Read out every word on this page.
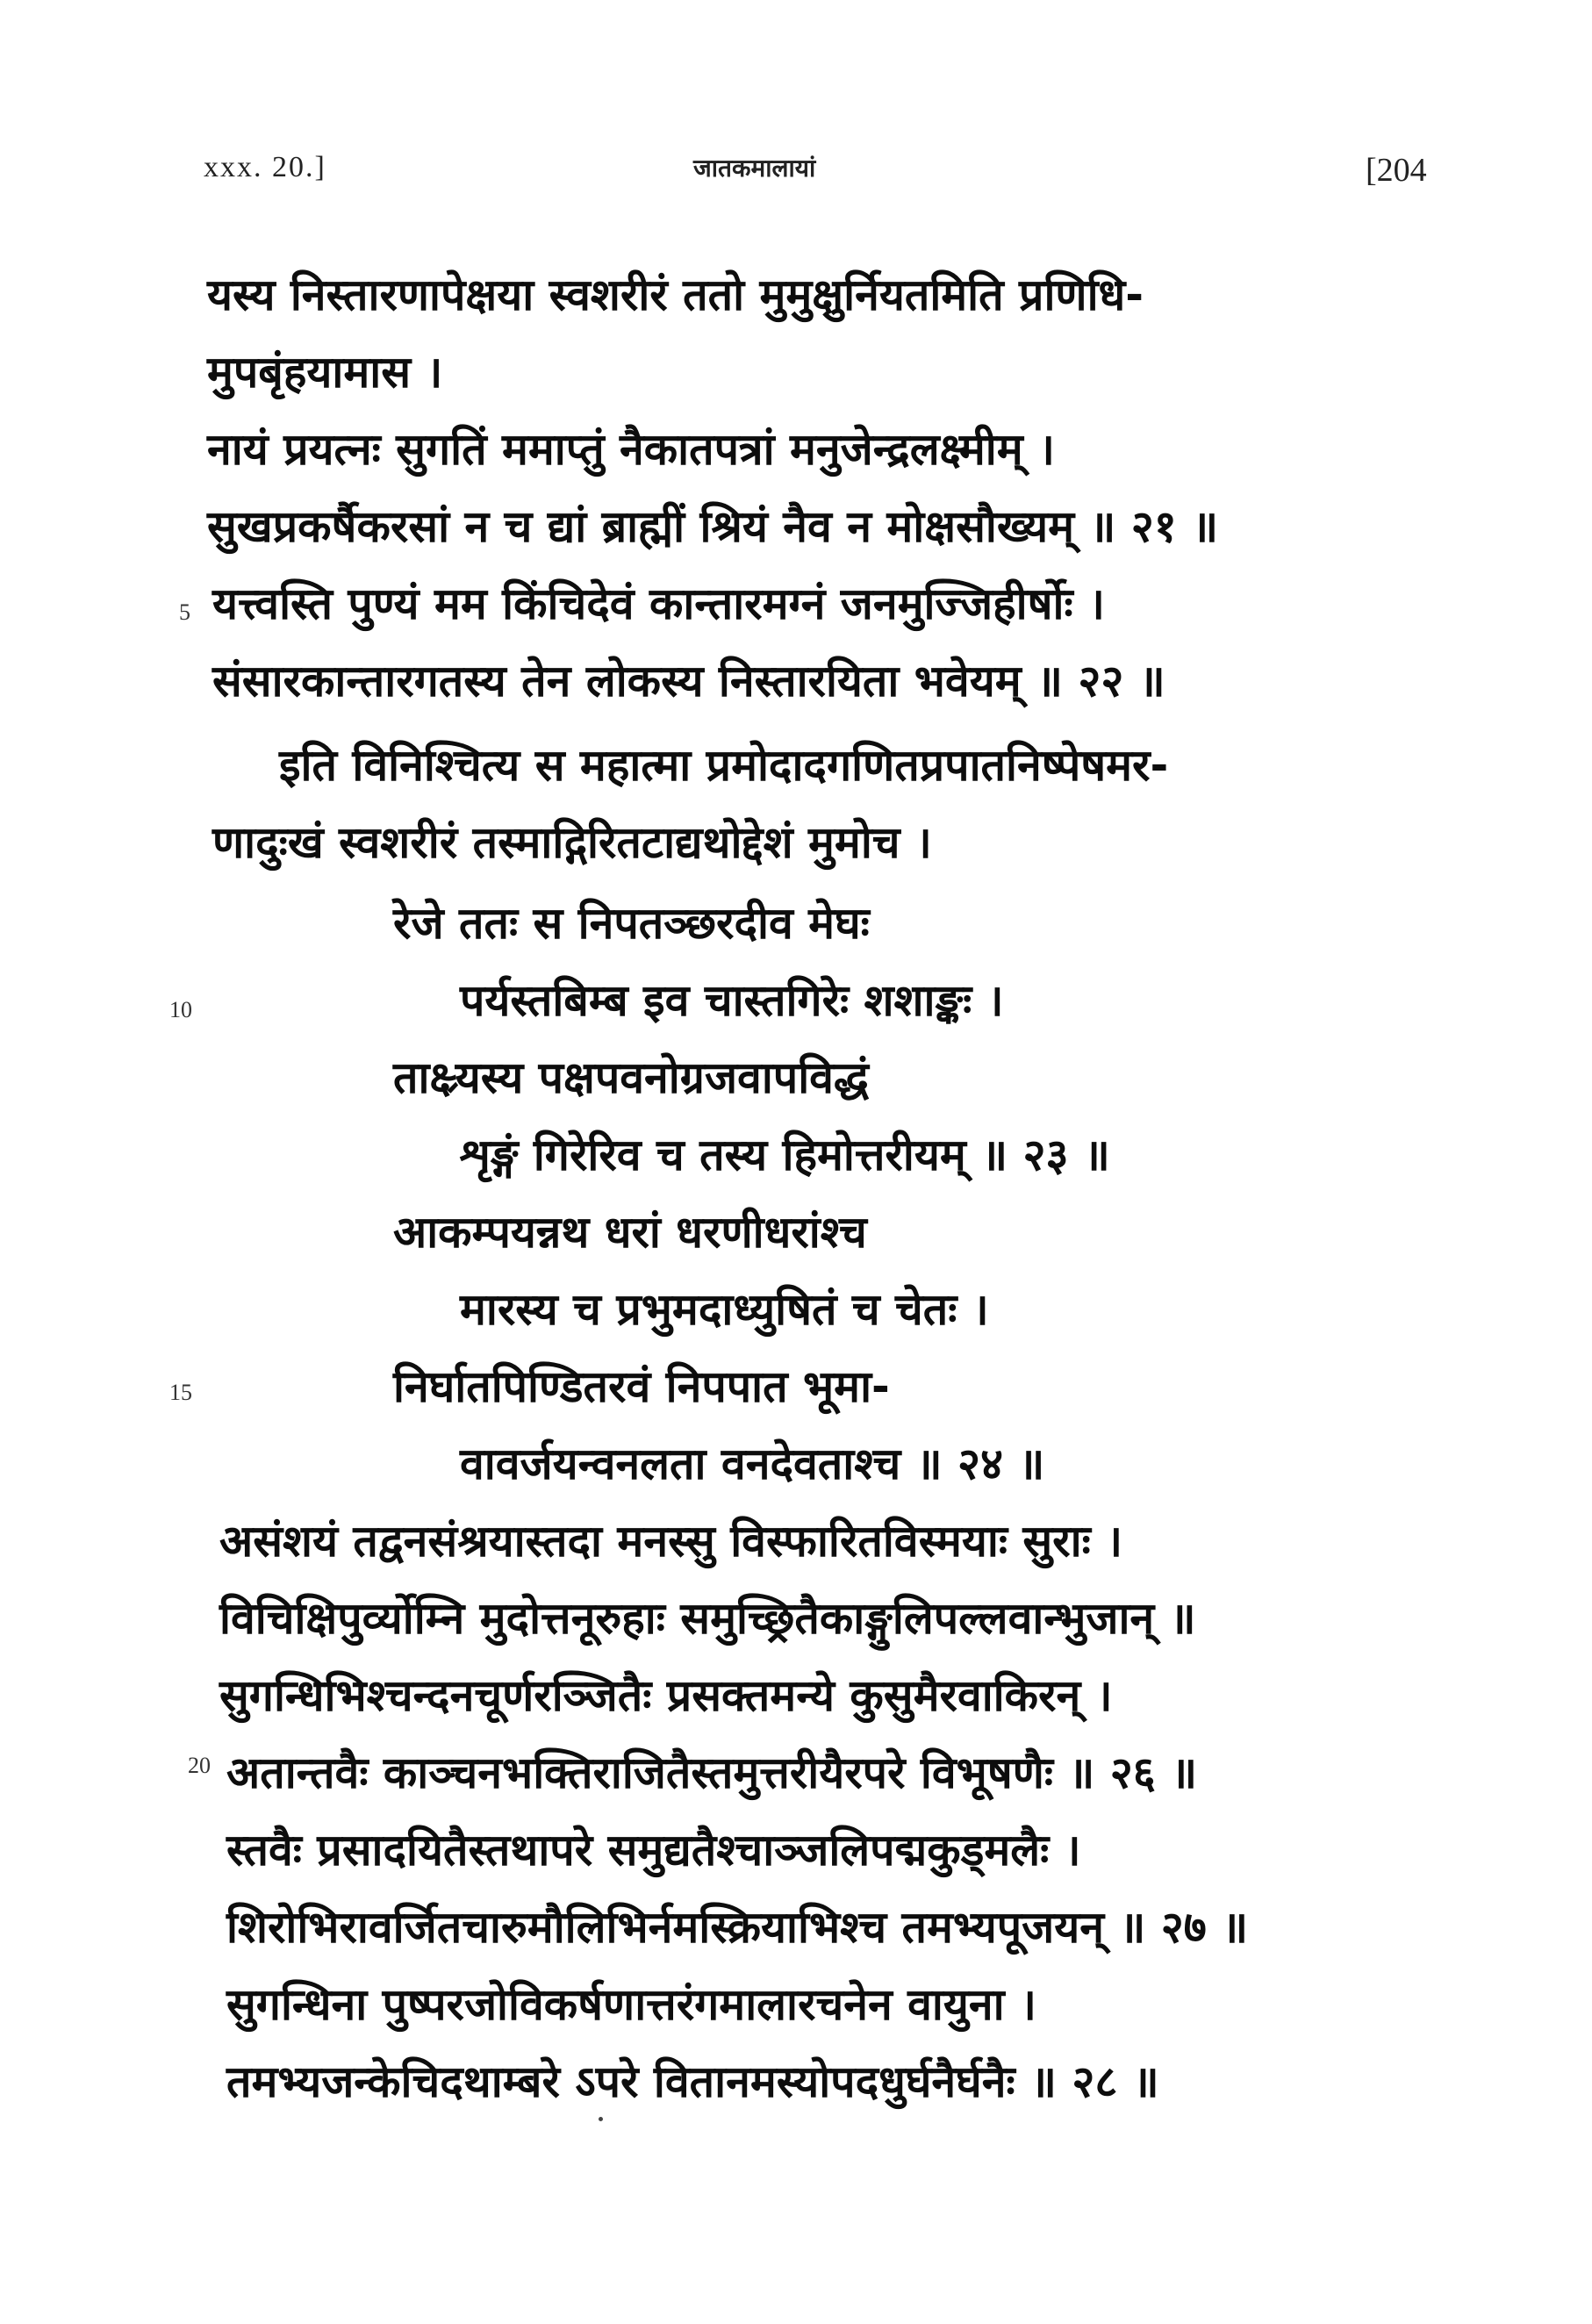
xxx. 20.]	जातकमालायां	[204
5
10
15
20
यस्य निस्तारणापेक्षया स्वशरीरं ततो मुमुक्षुर्नियतमिति प्रणिधि-
मुपबृंहयामास ।
नायं प्रयत्नः सुगतिं ममाप्तुं नैकातपत्रां मनुजेन्द्रलक्ष्मीम् ।
सुखप्रकर्षैकरसां न च द्यां ब्राह्मीं श्रियं नैव न मोक्षसौख्यम् ॥ २१ ॥
यत्त्वस्ति पुण्यं मम किंचिदेवं कान्तारमग्नं जनमुज्जिहीर्षोः ।
संसारकान्तारगतस्य तेन लोकस्य निस्तारयिता भवेयम् ॥ २२ ॥
इति विनिश्चित्य स महात्मा प्रमोदादगणितप्रपातनिष्पेषमर-
णादुःखं स्वशरीरं तस्माद्गिरितटाद्यथोद्देशं मुमोच ।
रेजे ततः स निपतञ्छरदीव मेघः
पर्यस्तबिम्ब इव चास्तगिरेः शशाङ्कः ।
ताक्ष्र्यस्य पक्षपवनोग्रजवापविद्धं
शृङ्गं गिरेरिव च तस्य हिमोत्तरीयम् ॥ २३ ॥
आकम्पयन्नथ धरां धरणीधरांश्च
मारस्य च प्रभुमदाध्युषितं च चेतः ।
निर्घातपिण्डितरवं निपपात भूमा-
वावर्जयन्वनलता वनदेवताश्च ॥ २४ ॥
असंशयं तद्वनसंश्रयास्तदा मनस्सु विस्फारितविस्मयाः सुराः ।
विचिक्षिपुर्व्योम्नि मुदोत्तनूरुहाः समुच्छ्रितैकाङ्गुलिपल्लवान्भुजान् ॥
सुगन्धिभिश्चन्दनचूर्णरञ्जितैः प्रसक्तमन्ये कुसुमैरवाकिरन् ।
अतान्तवैः काञ्चनभक्तिराजितैस्तमुत्तरीयैरपरे विभूषणैः ॥ २६ ॥
स्तवैः प्रसादयितैस्तथापरे समुद्यतैश्चाञ्जलिपद्मकुड्मलैः ।
शिरोभिरावर्जितचारुमौलिभिर्नमस्क्रियाभिश्च तमभ्यपूजयन् ॥ २७ ॥
सुगन्धिना पुष्परजोविकर्षणात्तरंगमालारचनेन वायुना ।
तमभ्यजन्केचिदथाम्बरे ऽपरे वितानमस्योपदधुर्घनैर्घनैः ॥ २८ ॥
